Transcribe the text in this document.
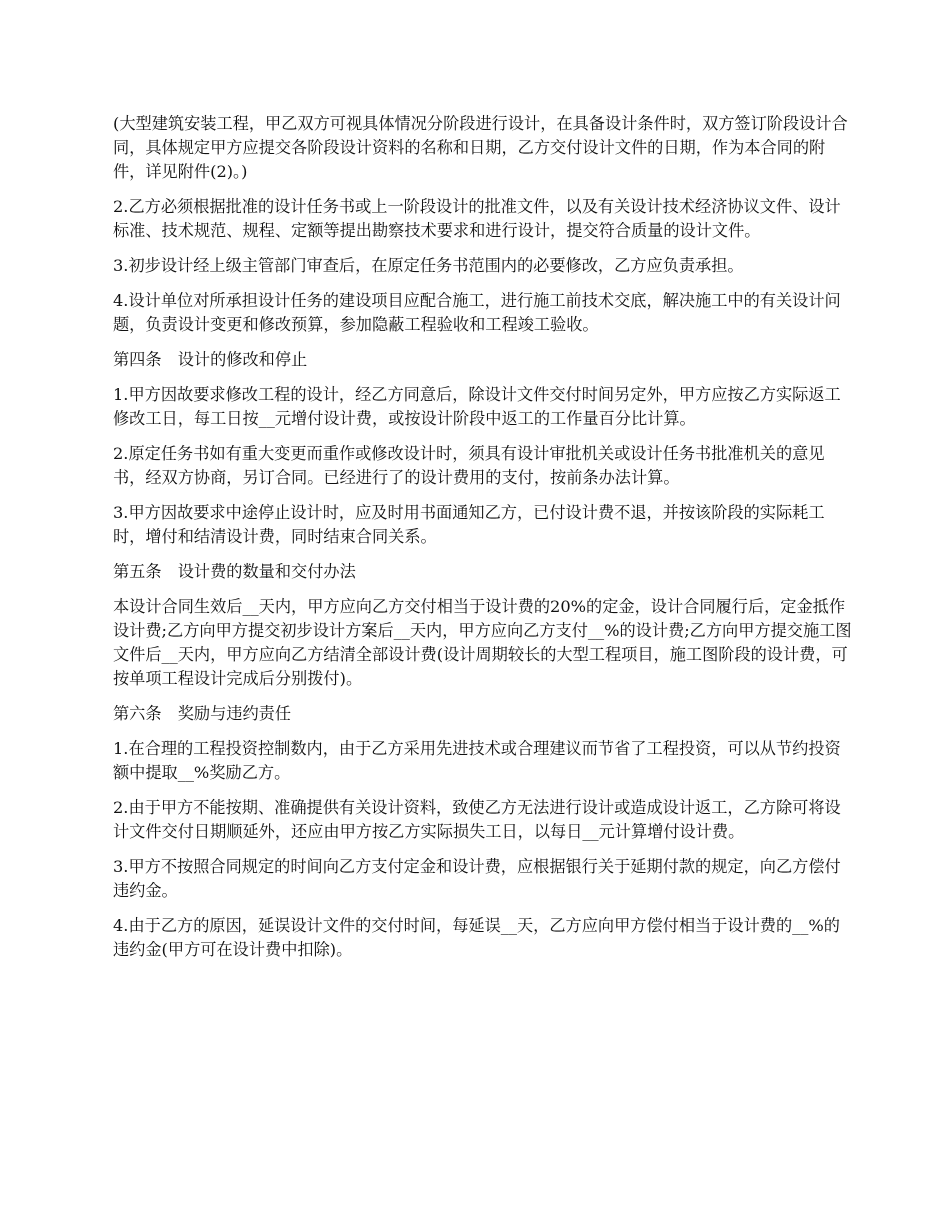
(大型建筑安装工程，甲乙双方可视具体情况分阶段进行设计，在具备设计条件时，双方签订阶段设计合同，具体规定甲方应提交各阶段设计资料的名称和日期，乙方交付设计文件的日期，作为本合同的附件，详见附件(2)。)

2.乙方必须根据批准的设计任务书或上一阶段设计的批准文件，以及有关设计技术经济协议文件、设计标准、技术规范、规程、定额等提出勘察技术要求和进行设计，提交符合质量的设计文件。

3.初步设计经上级主管部门审查后，在原定任务书范围内的必要修改，乙方应负责承担。

4.设计单位对所承担设计任务的建设项目应配合施工，进行施工前技术交底，解决施工中的有关设计问题，负责设计变更和修改预算，参加隐蔽工程验收和工程竣工验收。

第四条　设计的修改和停止

1.甲方因故要求修改工程的设计，经乙方同意后，除设计文件交付时间另定外，甲方应按乙方实际返工修改工日，每工日按__元增付设计费，或按设计阶段中返工的工作量百分比计算。

2.原定任务书如有重大变更而重作或修改设计时，须具有设计审批机关或设计任务书批准机关的意见书，经双方协商，另订合同。已经进行了的设计费用的支付，按前条办法计算。

3.甲方因故要求中途停止设计时，应及时用书面通知乙方，已付设计费不退，并按该阶段的实际耗工时，增付和结清设计费，同时结束合同关系。

第五条　设计费的数量和交付办法

本设计合同生效后__天内，甲方应向乙方交付相当于设计费的20%的定金，设计合同履行后，定金抵作设计费;乙方向甲方提交初步设计方案后__天内，甲方应向乙方支付__%的设计费;乙方向甲方提交施工图文件后__天内，甲方应向乙方结清全部设计费(设计周期较长的大型工程项目，施工图阶段的设计费，可按单项工程设计完成后分别拨付)。

第六条　奖励与违约责任

1.在合理的工程投资控制数内，由于乙方采用先进技术或合理建议而节省了工程投资，可以从节约投资额中提取__%奖励乙方。

2.由于甲方不能按期、准确提供有关设计资料，致使乙方无法进行设计或造成设计返工，乙方除可将设计文件交付日期顺延外，还应由甲方按乙方实际损失工日，以每日__元计算增付设计费。

3.甲方不按照合同规定的时间向乙方支付定金和设计费，应根据银行关于延期付款的规定，向乙方偿付违约金。

4.由于乙方的原因，延误设计文件的交付时间，每延误__天，乙方应向甲方偿付相当于设计费的__%的违约金(甲方可在设计费中扣除)。
